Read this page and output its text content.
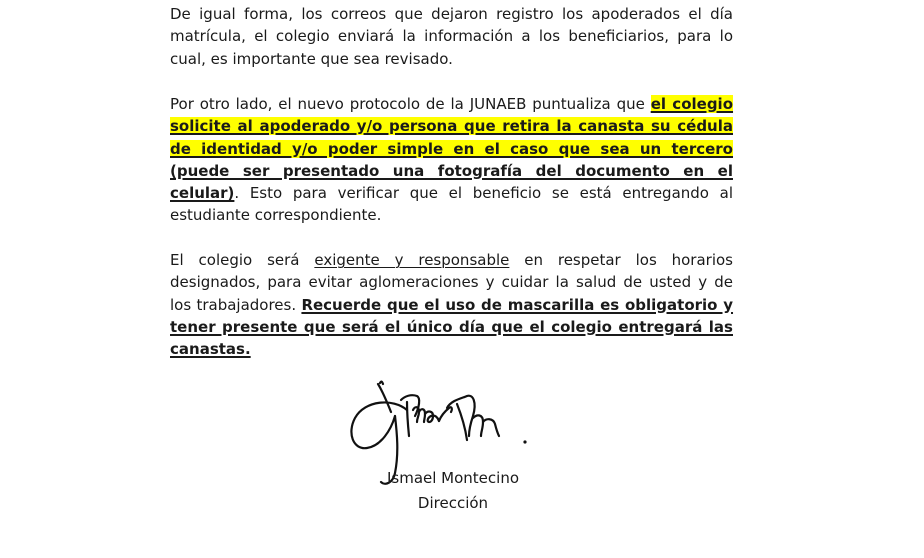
De igual forma, los correos que dejaron registro los apoderados el día matrícula, el colegio enviará la información a los beneficiarios, para lo cual, es importante que sea revisado.

Por otro lado, el nuevo protocolo de la JUNAEB puntualiza que el colegio solicite al apoderado y/o persona que retira la canasta su cédula de identidad y/o poder simple en el caso que sea un tercero (puede ser presentado una fotografía del documento en el celular). Esto para verificar que el beneficio se está entregando al estudiante correspondiente.

El colegio será exigente y responsable en respetar los horarios designados, para evitar aglomeraciones y cuidar la salud de usted y de los trabajadores. Recuerde que el uso de mascarilla es obligatorio y tener presente que será el único día que el colegio entregará las canastas.

Ismael Montecino
Dirección
